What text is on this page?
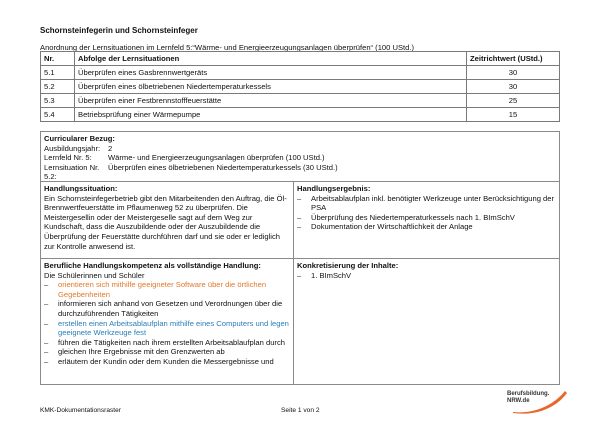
Schornsteinfegerin und Schornsteinfeger
Anordnung der Lernsituationen im Lernfeld 5:“Wärme- und Energieerzeugungsanlagen überprüfen“ (100 UStd.)
Nr.	Abfolge der Lernsituationen	Zeitrichtwert (UStd.)
5.1	Überprüfen eines Gasbrennwertgeräts	30
5.2	Überprüfen eines ölbetriebenen Niedertemperaturkessels	30
5.3	Überprüfen einer Festbrennstofffeuerstätte	25
5.4	Betriebsprüfung einer Wärmepumpe	15
Curricularer Bezug:
Ausbildungsjahr:	2
Lernfeld Nr. 5:	Wärme- und Energieerzeugungsanlagen überprüfen (100 UStd.)
Lernsituation Nr. 5.2:
Überprüfen eines ölbetriebenen Niedertemperaturkessels (30 UStd.)
Handlungssituation:
Ein Schornsteinfegerbetrieb gibt den Mitarbeitenden den Auftrag, die Öl-Brennwertfeuerstätte im Pflaumenweg 52 zu überprüfen. Die Meistergesellin oder der Meistergeselle sagt auf dem Weg zur Kundschaft, dass die Auszubildende oder der Auszubildende die Überprüfung der Feuerstätte durchführen darf und sie oder er lediglich zur Kontrolle anwesend ist.
Handlungsergebnis:
– Arbeitsablaufplan inkl. benötigter Werkzeuge unter Berücksichtigung der PSA
– Überprüfung des Niedertemperaturkessels nach 1. BImSchV
– Dokumentation der Wirtschaftlichkeit der Anlage
Berufliche Handlungskompetenz als vollständige Handlung:
Die Schülerinnen und Schüler
– orientieren sich mithilfe geeigneter Software über die örtlichen Gegebenheiten
– informieren sich anhand von Gesetzen und Verordnungen über die durchzuführenden Tätigkeiten
– erstellen einen Arbeitsablaufplan mithilfe eines Computers und legen geeignete Werkzeuge fest
– führen die Tätigkeiten nach ihrem erstellten Arbeitsablaufplan durch
– gleichen Ihre Ergebnisse mit den Grenzwerten ab
– erläutern der Kundin oder dem Kunden die Messergebnisse und
Konkretisierung der Inhalte:
– 1. BImSchV
KMK-Dokumentationsraster	Seite 1 von 2
Berufsbildung.
NRW.de
